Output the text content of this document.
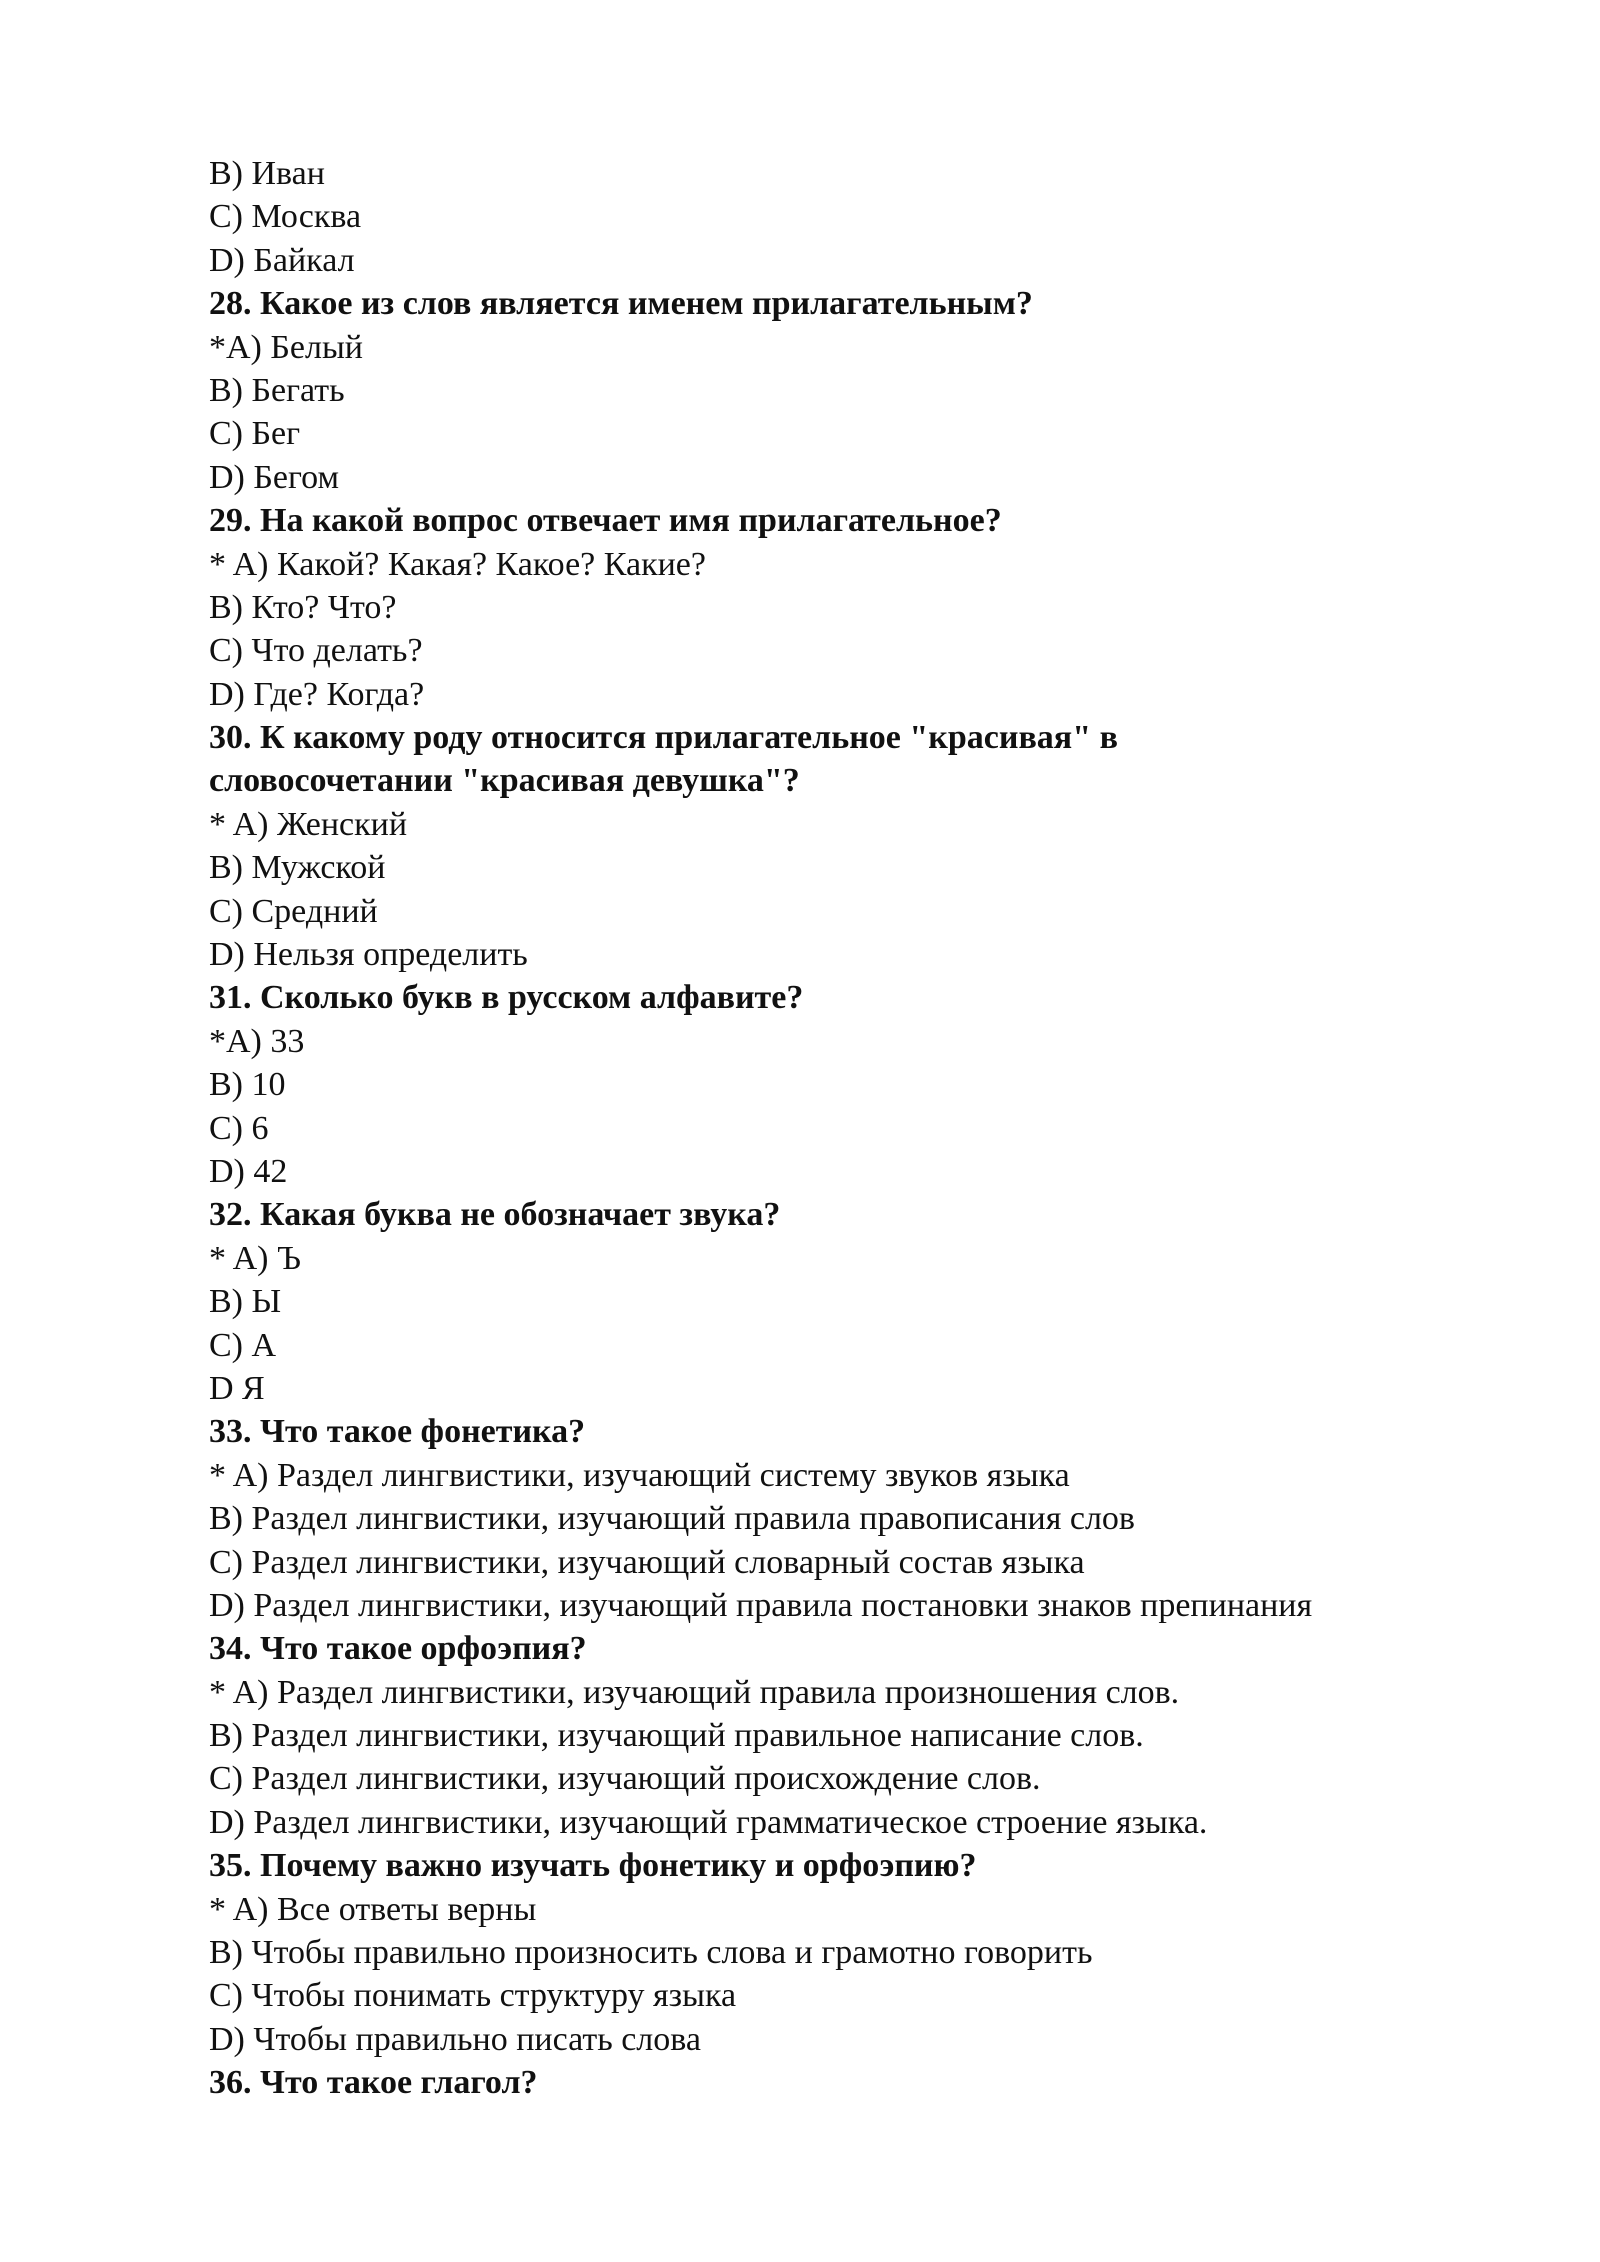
B) Иван
C) Москва
D) Байкал
28. Какое из слов является именем прилагательным?
*A) Белый
B) Бегать
C) Бег
D) Бегом
29. На какой вопрос отвечает имя прилагательное?
* A) Какой? Какая? Какое? Какие?
B) Кто? Что?
C) Что делать?
D) Где? Когда?
30. К какому роду относится прилагательное "красивая" в
словосочетании "красивая девушка"?
* A) Женский
B) Мужской
C) Средний
D) Нельзя определить
31. Сколько букв в русском алфавите?
*A) 33
B) 10
C) 6
D) 42
32. Какая буква не обозначает звука?
* A) Ъ
B) Ы
C) А
D Я
33. Что такое фонетика?
* A) Раздел лингвистики, изучающий систему звуков языка
B) Раздел лингвистики, изучающий правила правописания слов
C) Раздел лингвистики, изучающий словарный состав языка
D) Раздел лингвистики, изучающий правила постановки знаков препинания
34. Что такое орфоэпия?
* A) Раздел лингвистики, изучающий правила произношения слов.
B) Раздел лингвистики, изучающий правильное написание слов.
C) Раздел лингвистики, изучающий происхождение слов.
D) Раздел лингвистики, изучающий грамматическое строение языка.
35. Почему важно изучать фонетику и орфоэпию?
* A) Все ответы верны
B) Чтобы правильно произносить слова и грамотно говорить
C) Чтобы понимать структуру языка
D) Чтобы правильно писать слова
36. Что такое глагол?
